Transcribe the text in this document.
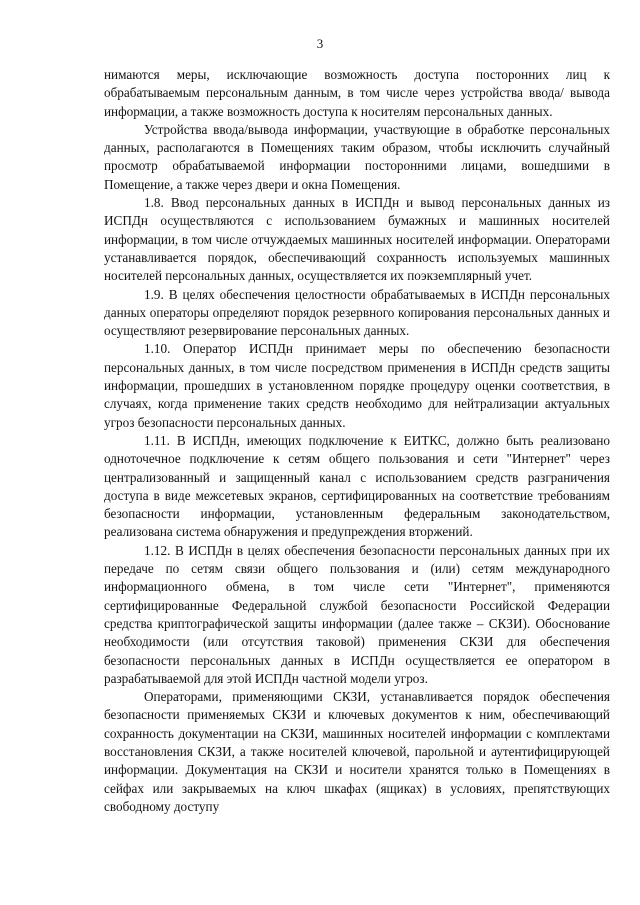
3

нимаются меры, исключающие возможность доступа посторонних лиц к обрабатываемым персональным данным, в том числе через устройства ввода/ вывода информации, а также возможность доступа к носителям персональных данных.

Устройства ввода/вывода информации, участвующие в обработке персональных данных, располагаются в Помещениях таким образом, чтобы исключить случайный просмотр обрабатываемой информации посторонними лицами, вошедшими в Помещение, а также через двери и окна Помещения.

1.8. Ввод персональных данных в ИСПДн и вывод персональных данных из ИСПДн осуществляются с использованием бумажных и машинных носителей информации, в том числе отчуждаемых машинных носителей информации. Операторами устанавливается порядок, обеспечивающий сохранность используемых машинных носителей персональных данных, осуществляется их поэкземплярный учет.

1.9. В целях обеспечения целостности обрабатываемых в ИСПДн персональных данных операторы определяют порядок резервного копирования персональных данных и осуществляют резервирование персональных данных.

1.10. Оператор ИСПДн принимает меры по обеспечению безопасности персональных данных, в том числе посредством применения в ИСПДн средств защиты информации, прошедших в установленном порядке процедуру оценки соответствия, в случаях, когда применение таких средств необходимо для нейтрализации актуальных угроз безопасности персональных данных.

1.11. В ИСПДн, имеющих подключение к ЕИТКС, должно быть реализовано одноточечное подключение к сетям общего пользования и сети "Интернет" через централизованный и защищенный канал с использованием средств разграничения доступа в виде межсетевых экранов, сертифицированных на соответствие требованиям безопасности информации, установленным федеральным законодательством, реализована система обнаружения и предупреждения вторжений.

1.12. В ИСПДн в целях обеспечения безопасности персональных данных при их передаче по сетям связи общего пользования и (или) сетям международного информационного обмена, в том числе сети "Интернет", применяются сертифицированные Федеральной службой безопасности Российской Федерации средства криптографической защиты информации (далее также – СКЗИ). Обоснование необходимости (или отсутствия таковой) применения СКЗИ для обеспечения безопасности персональных данных в ИСПДн осуществляется ее оператором в разрабатываемой для этой ИСПДн частной модели угроз.

Операторами, применяющими СКЗИ, устанавливается порядок обеспечения безопасности применяемых СКЗИ и ключевых документов к ним, обеспечивающий сохранность документации на СКЗИ, машинных носителей информации с комплектами восстановления СКЗИ, а также носителей ключевой, парольной и аутентифицирующей информации. Документация на СКЗИ и носители хранятся только в Помещениях в сейфах или закрываемых на ключ шкафах (ящиках) в условиях, препятствующих свободному доступу
